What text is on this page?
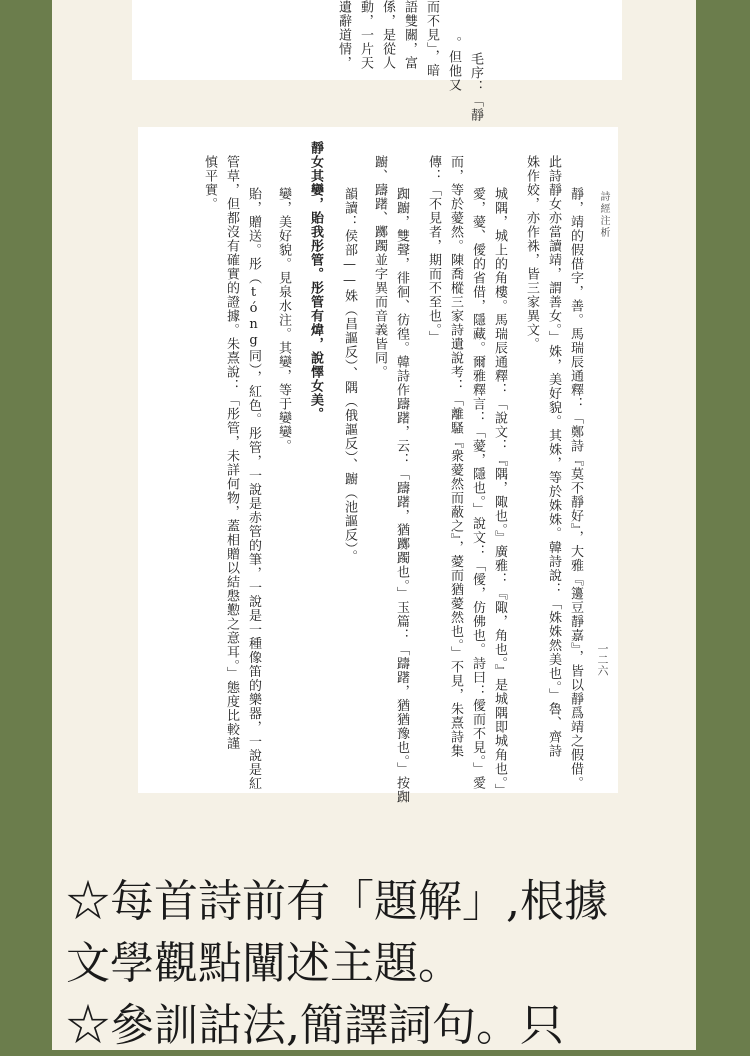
毛序：「靜
。但他又
而不見」，暗
語雙關，富
係，是從人
動，一片天
遺辭道情，
詩經注析
一二六
靜，靖的假借字，善。馬瑞辰通釋：「鄭詩『莫不靜好』，大雅『籩豆靜嘉』，皆以靜爲靖之假借。
此詩靜女亦當讀靖，謂善女。」姝，美好貌。其姝，等於姝姝。韓詩說：「姝姝然美也。」魯、齊詩
姝作姣，亦作袾，皆三家異文。
城隅，城上的角樓。馬瑞辰通釋：「說文：『隅，陬也。』廣雅：『陬，角也。』是城隅即城角也。」
愛，薆、僾的省借，隱藏。爾雅釋言：「薆，隱也。」說文：「僾，仿佛也。詩曰：僾而不見。」愛
而，等於薆然。陳喬樅三家詩遺說考：「離騷『衆薆然而蔽之』，薆而猶薆然也。」不見，朱熹詩集
傳：「不見者，期而不至也。」
踟躕，雙聲，徘徊、彷徨。韓詩作躊躇，云：「躊躇，猶躑躅也。」玉篇：「躊躇，猶猶豫也。」按踟
躕、躊躇、躑躅並字異而音義皆同。
韻讀：侯部——姝（昌謳反）、隅（俄謳反）、躕（池謳反）。
靜女其孌，貽我彤管。彤管有煒，說懌女美。
孌，美好貌。見泉水注。其孌，等于孌孌。
貽，贈送。彤（tóng同），紅色。彤管，一說是赤管的筆，一說是一種像笛的樂器，一說是紅
管草，但都沒有確實的證據。朱熹說：「彤管，未詳何物，蓋相贈以結慇懃之意耳。」態度比較謹
慎平實。
☆每首詩前有「題解」,根據
文學觀點闡述主題。
☆參訓詁法,簡譯詞句。只
